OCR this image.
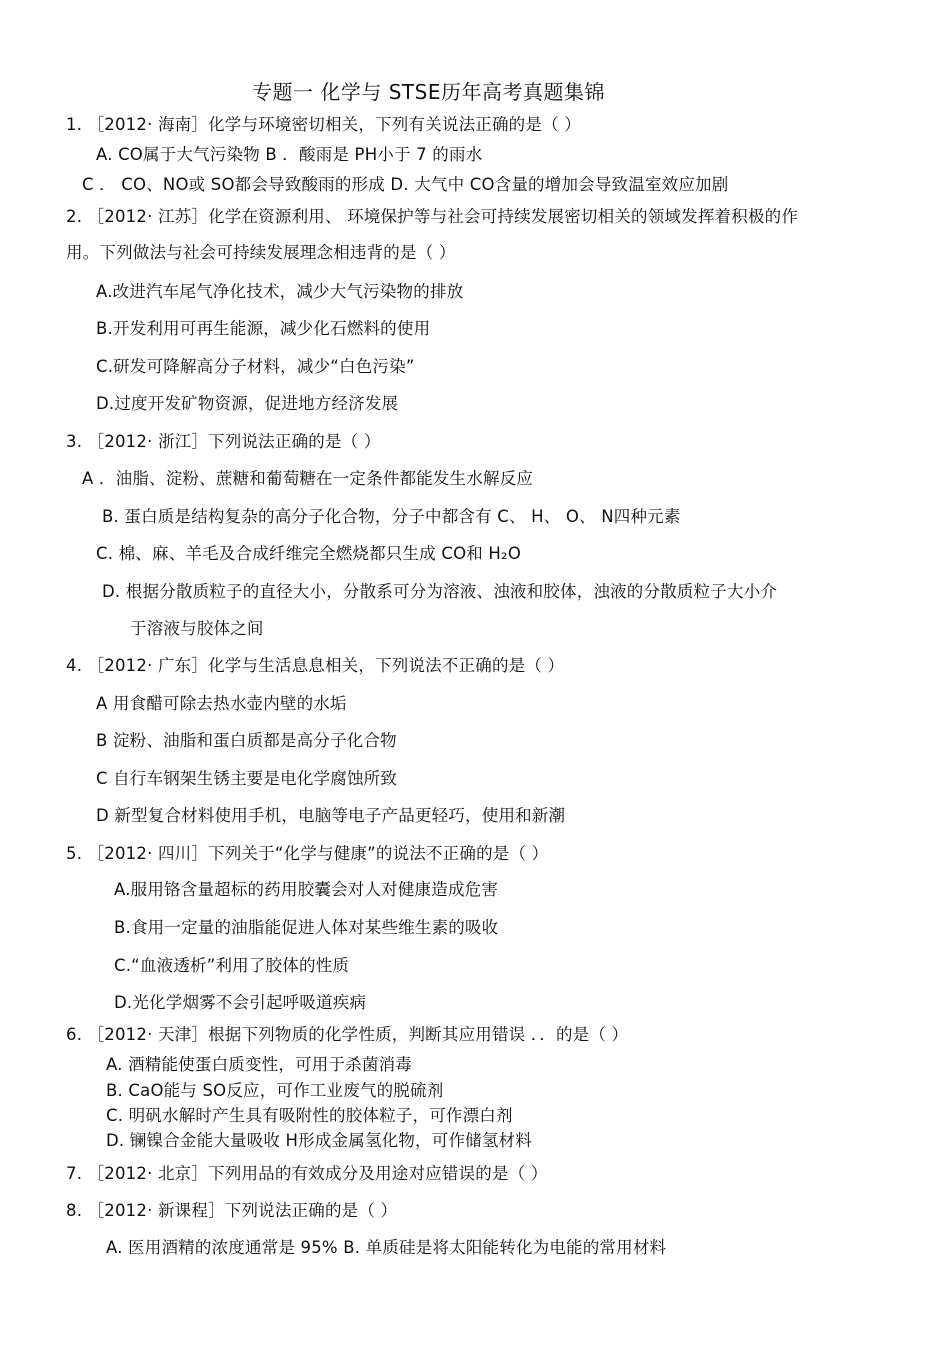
专题一 化学与 STSE历年高考真题集锦
1. ［2012· 海南］化学与环境密切相关，下列有关说法正确的是（ ）
A. CO属于大气污染物 B ．酸雨是 PH小于 7 的雨水
C ． CO、NO或 SO都会导致酸雨的形成 D. 大气中 CO含量的增加会导致温室效应加剧
2. ［2012· 江苏］化学在资源利用、 环境保护等与社会可持续发展密切相关的领域发挥着积极的作
用。下列做法与社会可持续发展理念相违背的是（ ）
A.改进汽车尾气净化技术，减少大气污染物的排放
B.开发利用可再生能源，减少化石燃料的使用
C.研发可降解高分子材料，减少“白色污染”
D.过度开发矿物资源，促进地方经济发展
3. ［2012· 浙江］下列说法正确的是（ ）
A ．油脂、淀粉、蔗糖和葡萄糖在一定条件都能发生水解反应
B. 蛋白质是结构复杂的高分子化合物，分子中都含有 C、 H、 O、 N四种元素
C. 棉、麻、羊毛及合成纤维完全燃烧都只生成 CO和 H₂O
D. 根据分散质粒子的直径大小，分散系可分为溶液、浊液和胶体，浊液的分散质粒子大小介
于溶液与胶体之间
4. ［2012· 广东］化学与生活息息相关，下列说法不正确的是（ ）
A 用食醋可除去热水壶内壁的水垢
B 淀粉、油脂和蛋白质都是高分子化合物
C 自行车钢架生锈主要是电化学腐蚀所致
D 新型复合材料使用手机，电脑等电子产品更轻巧，使用和新潮
5. ［2012· 四川］下列关于“化学与健康”的说法不正确的是（ ）
A.服用铬含量超标的药用胶囊会对人对健康造成危害
B.食用一定量的油脂能促进人体对某些维生素的吸收
C.“血液透析”利用了胶体的性质
D.光化学烟雾不会引起呼吸道疾病
6. ［2012· 天津］根据下列物质的化学性质，判断其应用错误 ．．的是（ ）
A. 酒精能使蛋白质变性，可用于杀菌消毒
B. CaO能与 SO反应，可作工业废气的脱硫剂
C. 明矾水解时产生具有吸附性的胶体粒子，可作漂白剂
D. 镧镍合金能大量吸收 H形成金属氢化物，可作储氢材料
7. ［2012· 北京］下列用品的有效成分及用途对应错误的是（ ）
8. ［2012· 新课程］下列说法正确的是（ ）
A. 医用酒精的浓度通常是 95% B. 单质硅是将太阳能转化为电能的常用材料
